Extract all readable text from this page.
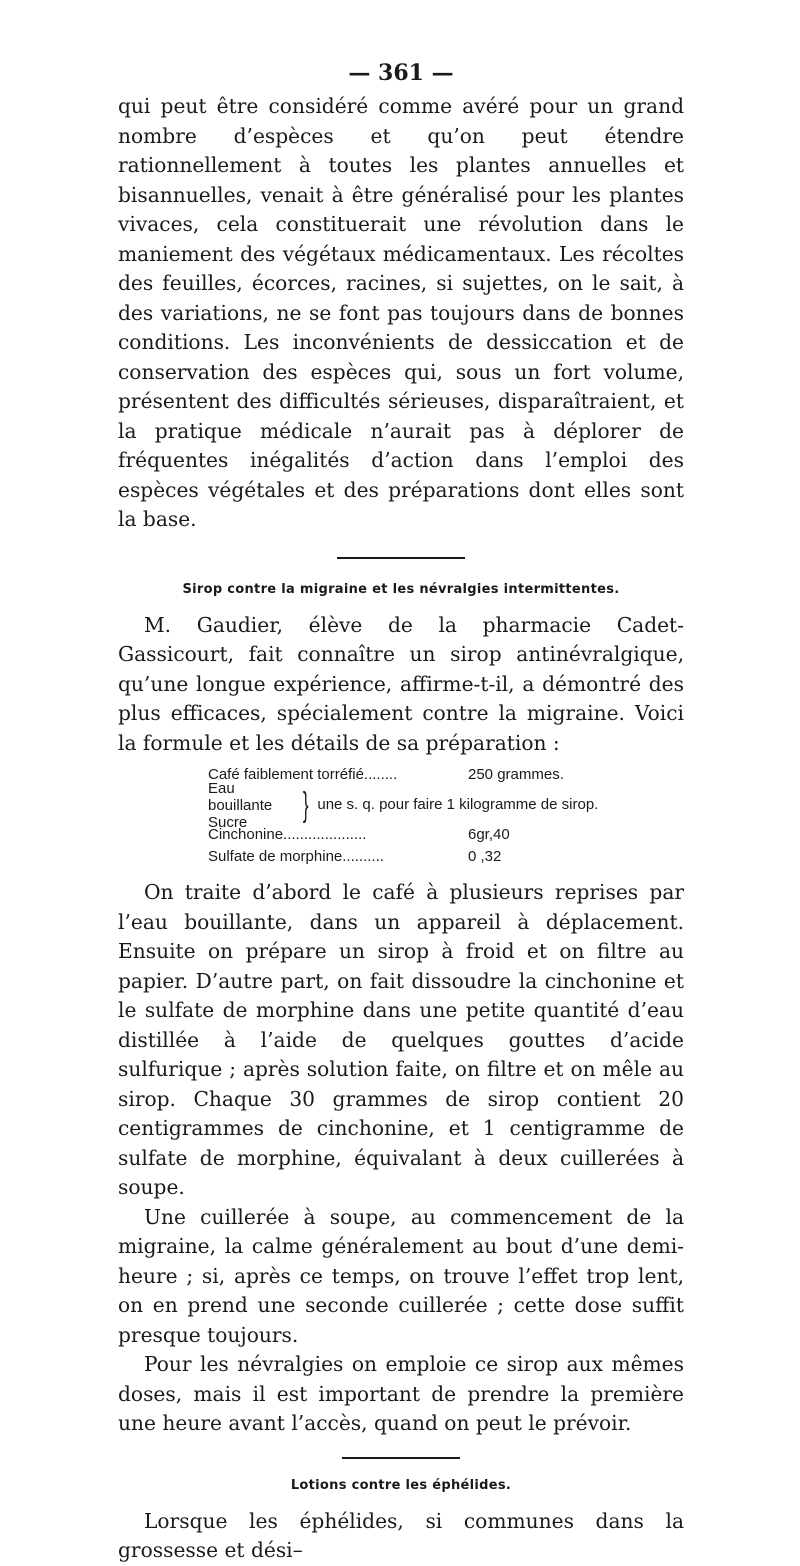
— 361 —

qui peut être considéré comme avéré pour un grand nombre d’espèces et qu’on peut étendre rationnellement à toutes les plantes annuelles et bisannuelles, venait à être généralisé pour les plantes vivaces, cela constituerait une révolution dans le maniement des végétaux médicamentaux. Les récoltes des feuilles, écorces, racines, si sujettes, on le sait, à des variations, ne se font pas toujours dans de bonnes conditions. Les inconvénients de dessiccation et de conservation des espèces qui, sous un fort volume, présentent des difficultés sérieuses, disparaîtraient, et la pratique médicale n’aurait pas à déplorer de fréquentes inégalités d’action dans l’emploi des espèces végétales et des préparations dont elles sont la base.

Sirop contre la migraine et les névralgies intermittentes.

M. Gaudier, élève de la pharmacie Cadet-Gassicourt, fait connaître un sirop antinévralgique, qu’une longue expérience, affirme-t-il, a démontré des plus efficaces, spécialement contre la migraine. Voici la formule et les détails de sa préparation :

Café faiblement torréfié........	250 grammes.
Eau bouillante
Sucre	} une s. q. pour faire 1 kilogramme de sirop.
Cinchonine....................	6gr,40
Sulfate de morphine..........	0 ,32

On traite d’abord le café à plusieurs reprises par l’eau bouillante, dans un appareil à déplacement. Ensuite on prépare un sirop à froid et on filtre au papier. D’autre part, on fait dissoudre la cinchonine et le sulfate de morphine dans une petite quantité d’eau distillée à l’aide de quelques gouttes d’acide sulfurique ; après solution faite, on filtre et on mêle au sirop. Chaque 30 grammes de sirop contient 20 centigrammes de cinchonine, et 1 centigramme de sulfate de morphine, équivalant à deux cuillerées à soupe.

Une cuillerée à soupe, au commencement de la migraine, la calme généralement au bout d’une demi-heure ; si, après ce temps, on trouve l’effet trop lent, on en prend une seconde cuillerée ; cette dose suffit presque toujours.

Pour les névralgies on emploie ce sirop aux mêmes doses, mais il est important de prendre la première une heure avant l’accès, quand on peut le prévoir.

Lotions contre les éphélides.

Lorsque les éphélides, si communes dans la grossesse et dési–
